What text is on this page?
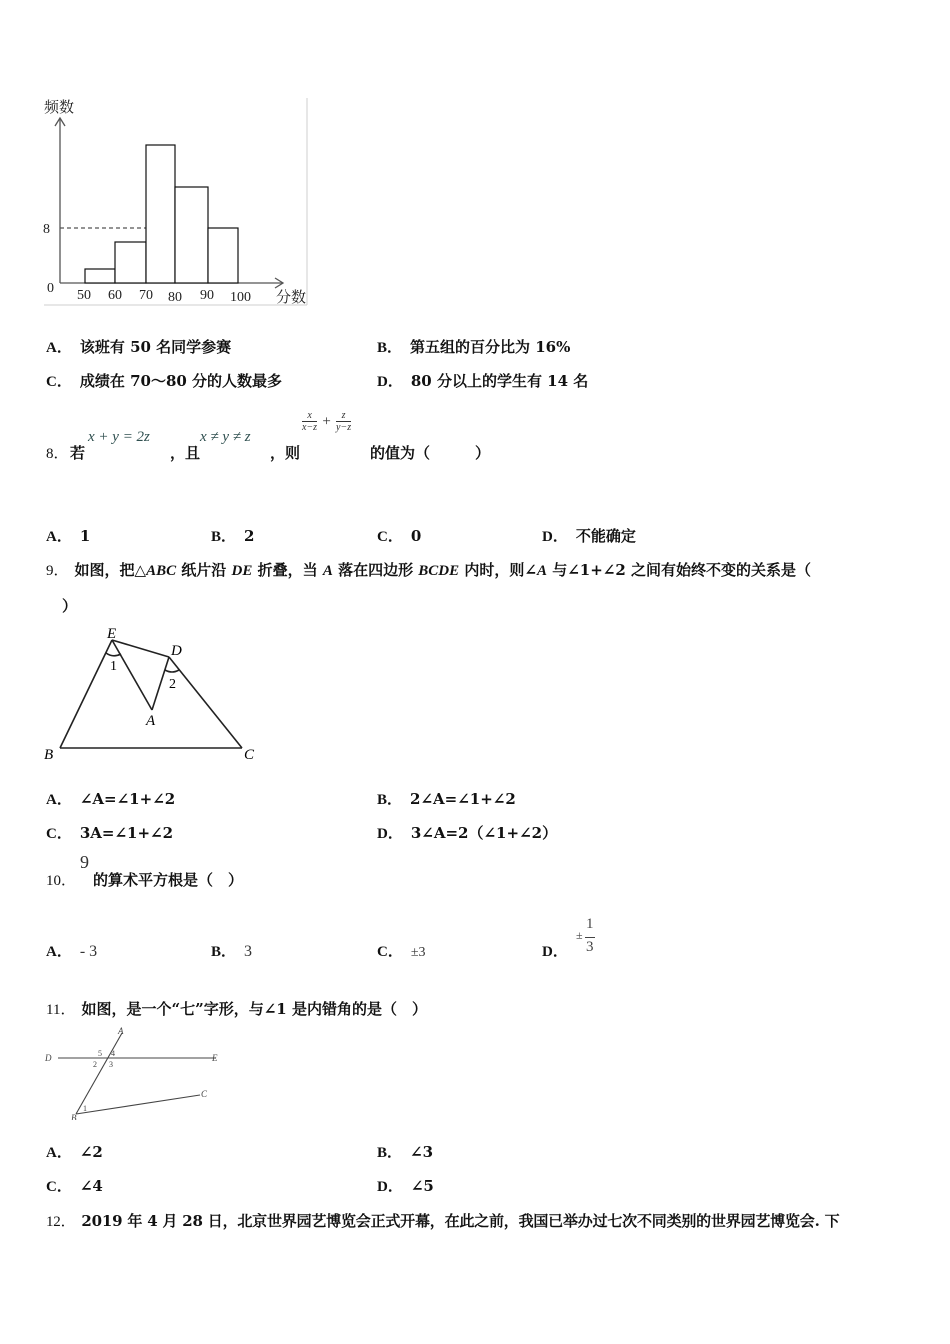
频数
8
0 50 60 70 80 90 100 分数
A． 该班有 50 名同学参赛	B． 第五组的百分比为 16%
C． 成绩在 70～80 分的人数最多	D． 80 分以上的学生有 14 名
8． 若
x + y = 2z
，且
x ≠ y ≠ z
，则
$\frac{x}{x-z} + \frac{z}{y-z}$
的值为（　　　）
A． 1	B． 2	C． 0	D． 不能确定
9． 如图，把△ABC 纸片沿 DE 折叠，当 A 落在四边形 BCDE 内时，则∠A 与∠1+∠2 之间有始终不变的关系是（
）
E
D
A
B	C
1
2
A． ∠A=∠1+∠2	B． 2∠A=∠1+∠2
C． 3A=∠1+∠2	D． 3∠A=2（∠1+∠2）
10．
9
的算术平方根是（　）
A． - 3	B． 3	C． ±3	D．
±
1
3
11． 如图，是一个“七”字形，与∠1 是内错角的是（　）
A
D	E
C
B
5 4
2 3
1
A． ∠2	B． ∠3
C． ∠4	D． ∠5
12． 2019 年 4 月 28 日，北京世界园艺博览会正式开幕，在此之前，我国已举办过七次不同类别的世界园艺博览会. 下
